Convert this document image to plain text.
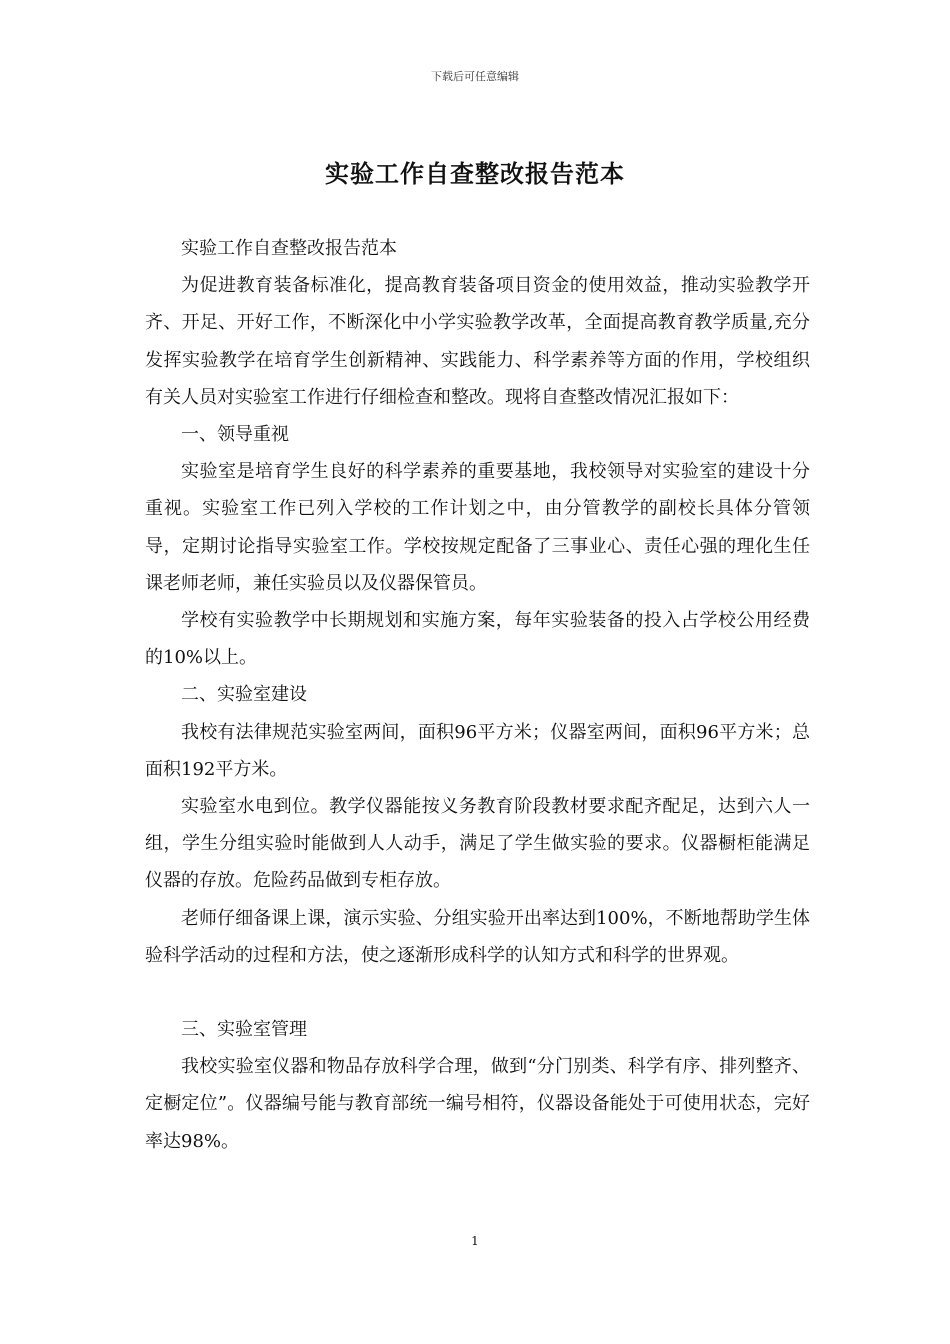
下载后可任意编辑
实验工作自查整改报告范本

实验工作自查整改报告范本

为促进教育装备标准化，提高教育装备项目资金的使用效益，推动实验教学开齐、开足、开好工作，不断深化中小学实验教学改革，全面提高教育教学质量,充分发挥实验教学在培育学生创新精神、实践能力、科学素养等方面的作用，学校组织有关人员对实验室工作进行仔细检查和整改。现将自查整改情况汇报如下：

一、领导重视

实验室是培育学生良好的科学素养的重要基地，我校领导对实验室的建设十分重视。实验室工作已列入学校的工作计划之中，由分管教学的副校长具体分管领导，定期讨论指导实验室工作。学校按规定配备了三事业心、责任心强的理化生任课老师老师，兼任实验员以及仪器保管员。

学校有实验教学中长期规划和实施方案，每年实验装备的投入占学校公用经费的10%以上。

二、实验室建设

我校有法律规范实验室两间，面积96平方米；仪器室两间，面积96平方米；总面积192平方米。

实验室水电到位。教学仪器能按义务教育阶段教材要求配齐配足，达到六人一组，学生分组实验时能做到人人动手，满足了学生做实验的要求。仪器橱柜能满足仪器的存放。危险药品做到专柜存放。

老师仔细备课上课，演示实验、分组实验开出率达到100%，不断地帮助学生体验科学活动的过程和方法，使之逐渐形成科学的认知方式和科学的世界观。

三、实验室管理

我校实验室仪器和物品存放科学合理，做到“分门别类、科学有序、排列整齐、定橱定位”。仪器编号能与教育部统一编号相符，仪器设备能处于可使用状态，完好率达98%。

1
